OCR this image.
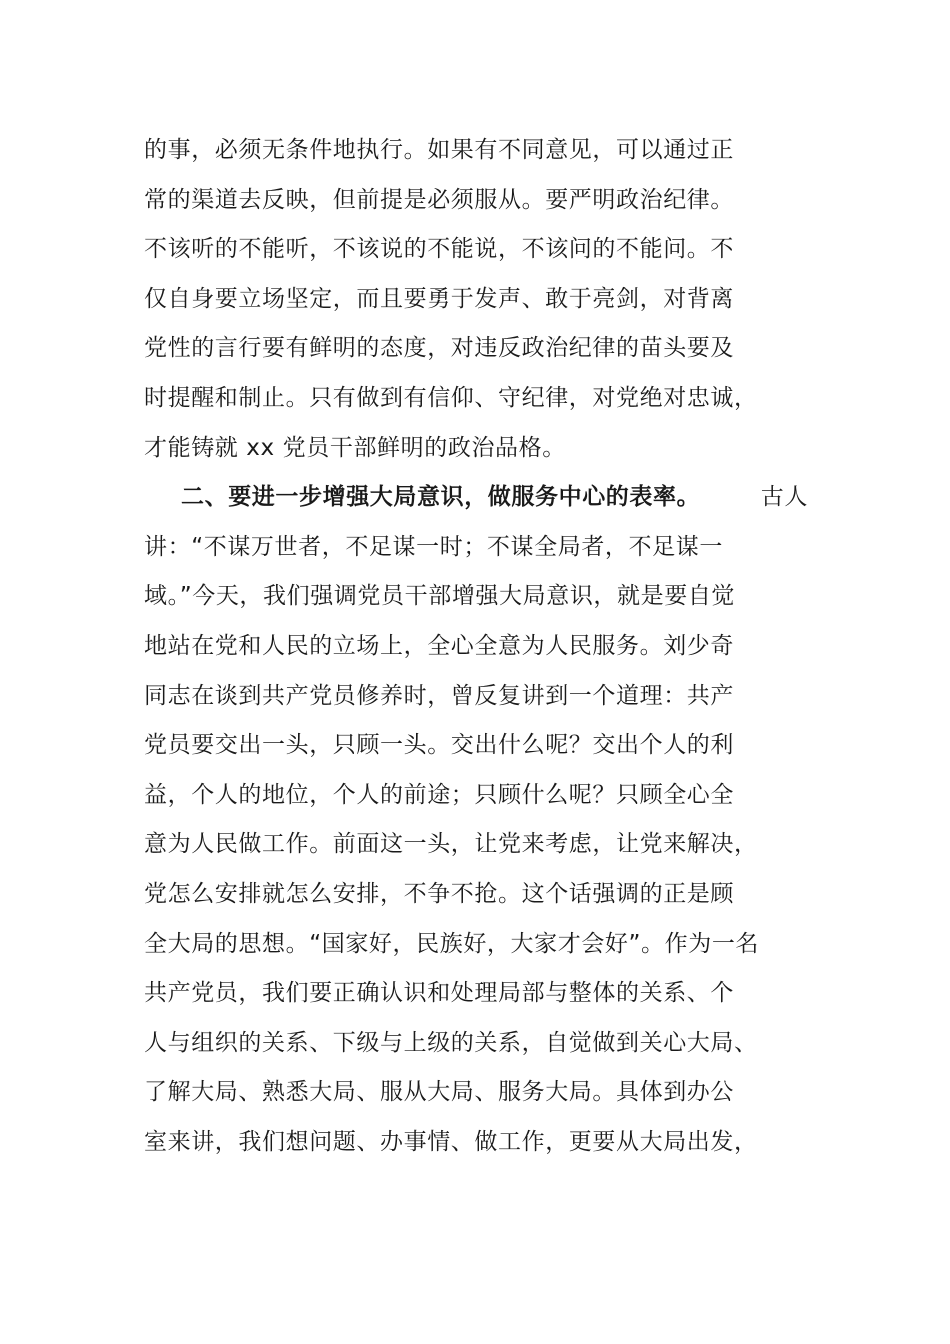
的事，必须无条件地执行。如果有不同意见，可以通过正
常的渠道去反映，但前提是必须服从。要严明政治纪律。
不该听的不能听，不该说的不能说，不该问的不能问。不
仅自身要立场坚定，而且要勇于发声、敢于亮剑，对背离
党性的言行要有鲜明的态度，对违反政治纪律的苗头要及
时提醒和制止。只有做到有信仰、守纪律，对党绝对忠诚，
才能铸就 xx 党员干部鲜明的政治品格。
二、要进一步增强大局意识，做服务中心的表率。	古人
讲：“不谋万世者，不足谋一时；不谋全局者，不足谋一
域。”今天，我们强调党员干部增强大局意识，就是要自觉
地站在党和人民的立场上，全心全意为人民服务。刘少奇
同志在谈到共产党员修养时，曾反复讲到一个道理：共产
党员要交出一头，只顾一头。交出什么呢？交出个人的利
益，个人的地位，个人的前途；只顾什么呢？只顾全心全
意为人民做工作。前面这一头，让党来考虑，让党来解决，
党怎么安排就怎么安排，不争不抢。这个话强调的正是顾
全大局的思想。“国家好，民族好，大家才会好”。作为一名
共产党员，我们要正确认识和处理局部与整体的关系、个
人与组织的关系、下级与上级的关系，自觉做到关心大局、
了解大局、熟悉大局、服从大局、服务大局。具体到办公
室来讲，我们想问题、办事情、做工作，更要从大局出发，
